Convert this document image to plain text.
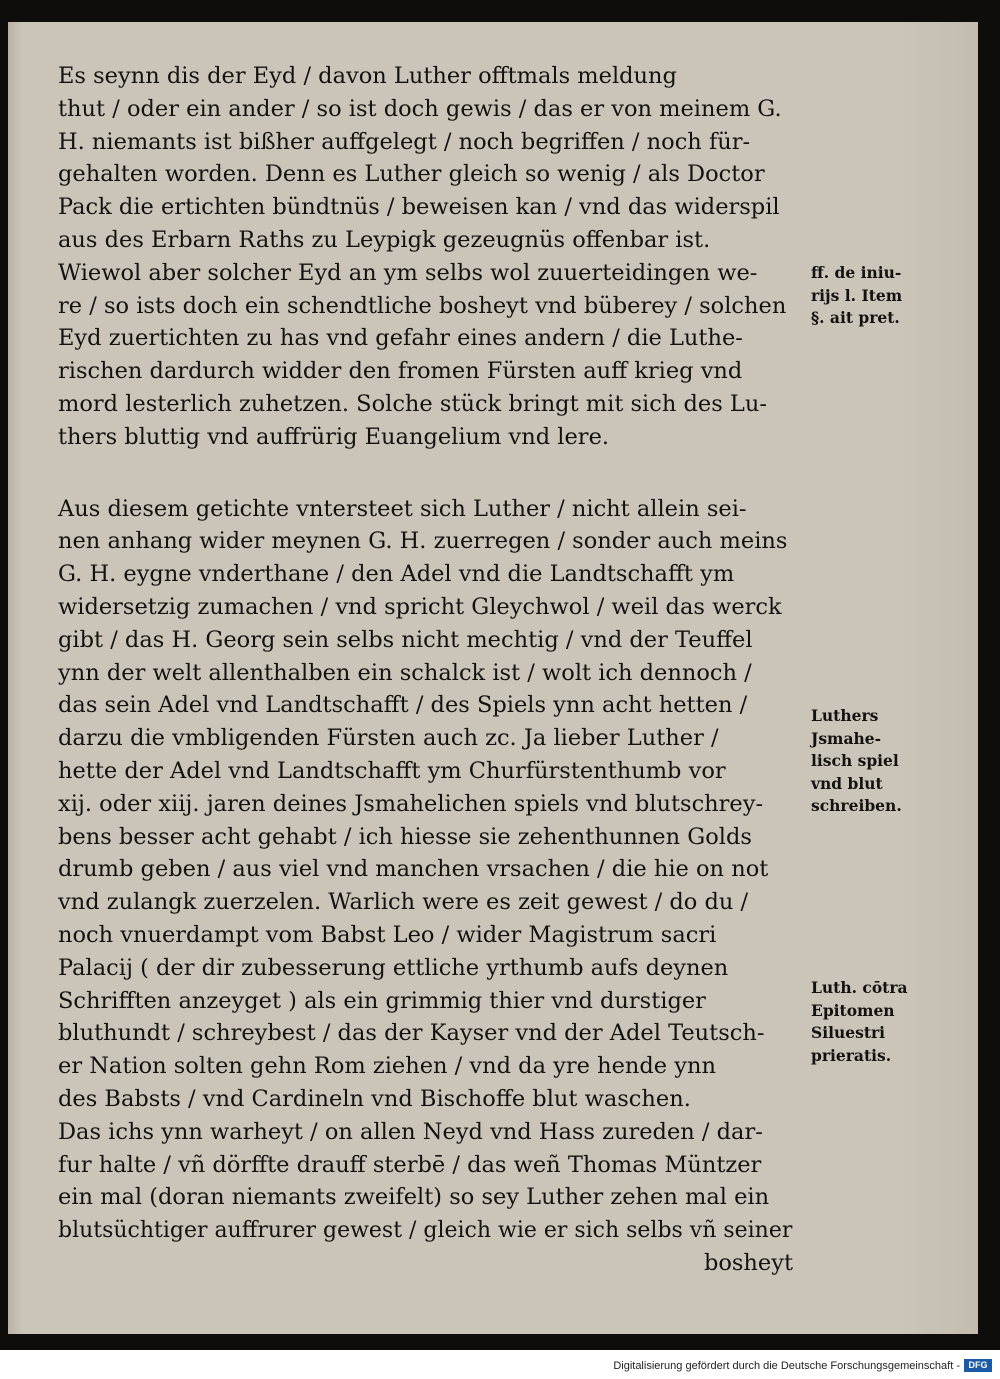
Es seynn dis der Eyd / davon Luther offtmals meldung
thut / oder ein ander / so ist doch gewis / das er von meinem G.
H. niemants ist bißher auffgelegt / noch begriffen / noch für-
gehalten worden. Denn es Luther gleich so wenig / als Doctor
Pack die ertichten bündtnüs / beweisen kan / vnd das widerspil
aus des Erbarn Raths zu Leypigk gezeugnüs offenbar ist.
Wiewol aber solcher Eyd an ym selbs wol zuuerteidingen we-
re / so ists doch ein schendtliche bosheyt vnd büberey / solchen
Eyd zuertichten zu has vnd gefahr eines andern / die Luthe-
rischen dardurch widder den fromen Fürsten auff krieg vnd
mord lesterlich zuhetzen. Solche stück bringt mit sich des Lu-
thers bluttig vnd auffrürig Euangelium vnd lere.
Aus diesem getichte vntersteet sich Luther / nicht allein sei-
nen anhang wider meynen G. H. zuerregen / sonder auch meins
G. H. eygne vnderthane / den Adel vnd die Landtschafft ym
widersetzig zumachen / vnd spricht Gleychwol / weil das werck
gibt / das H. Georg sein selbs nicht mechtig / vnd der Teuffel
ynn der welt allenthalben ein schalck ist / wolt ich dennoch /
das sein Adel vnd Landtschafft / des Spiels ynn acht hetten /
darzu die vmbligenden Fürsten auch zc. Ja lieber Luther /
hette der Adel vnd Landtschafft ym Churfürstenthumb vor
xij. oder xiij. jaren deines Jsmahelichen spiels vnd blutschrey-
bens besser acht gehabt / ich hiesse sie zehenthunnen Golds
drumb geben / aus viel vnd manchen vrsachen / die hie on not
vnd zulangk zuerzelen. Warlich were es zeit gewest / do du /
noch vnuerdampt vom Babst Leo / wider Magistrum sacri
Palacij ( der dir zubesserung ettliche yrthumb aufs deynen
Schrifften anzeyget ) als ein grimmig thier vnd durstiger
bluthundt / schreybest / das der Kayser vnd der Adel Teutsch-
er Nation solten gehn Rom ziehen / vnd da yre hende ynn
des Babsts / vnd Cardineln vnd Bischoffe blut waschen.
Das ichs ynn warheyt / on allen Neyd vnd Hass zureden / dar-
fur halte / vñ dörffte drauff sterbē / das weñ Thomas Müntzer
ein mal (doran niemants zweifelt) so sey Luther zehen mal ein
blutsüchtiger auffrurer gewest / gleich wie er sich selbs vñ seiner
bosheyt
ff. de iniu-
rijs l. Item
§. ait pret.
Luthers
Jsmahe-
lisch spiel
vnd blut
schreiben.
Luth. cōtra
Epitomen
Siluestri
prieratis.
Digitalisierung gefördert durch die Deutsche Forschungsgemeinschaft - DFG
